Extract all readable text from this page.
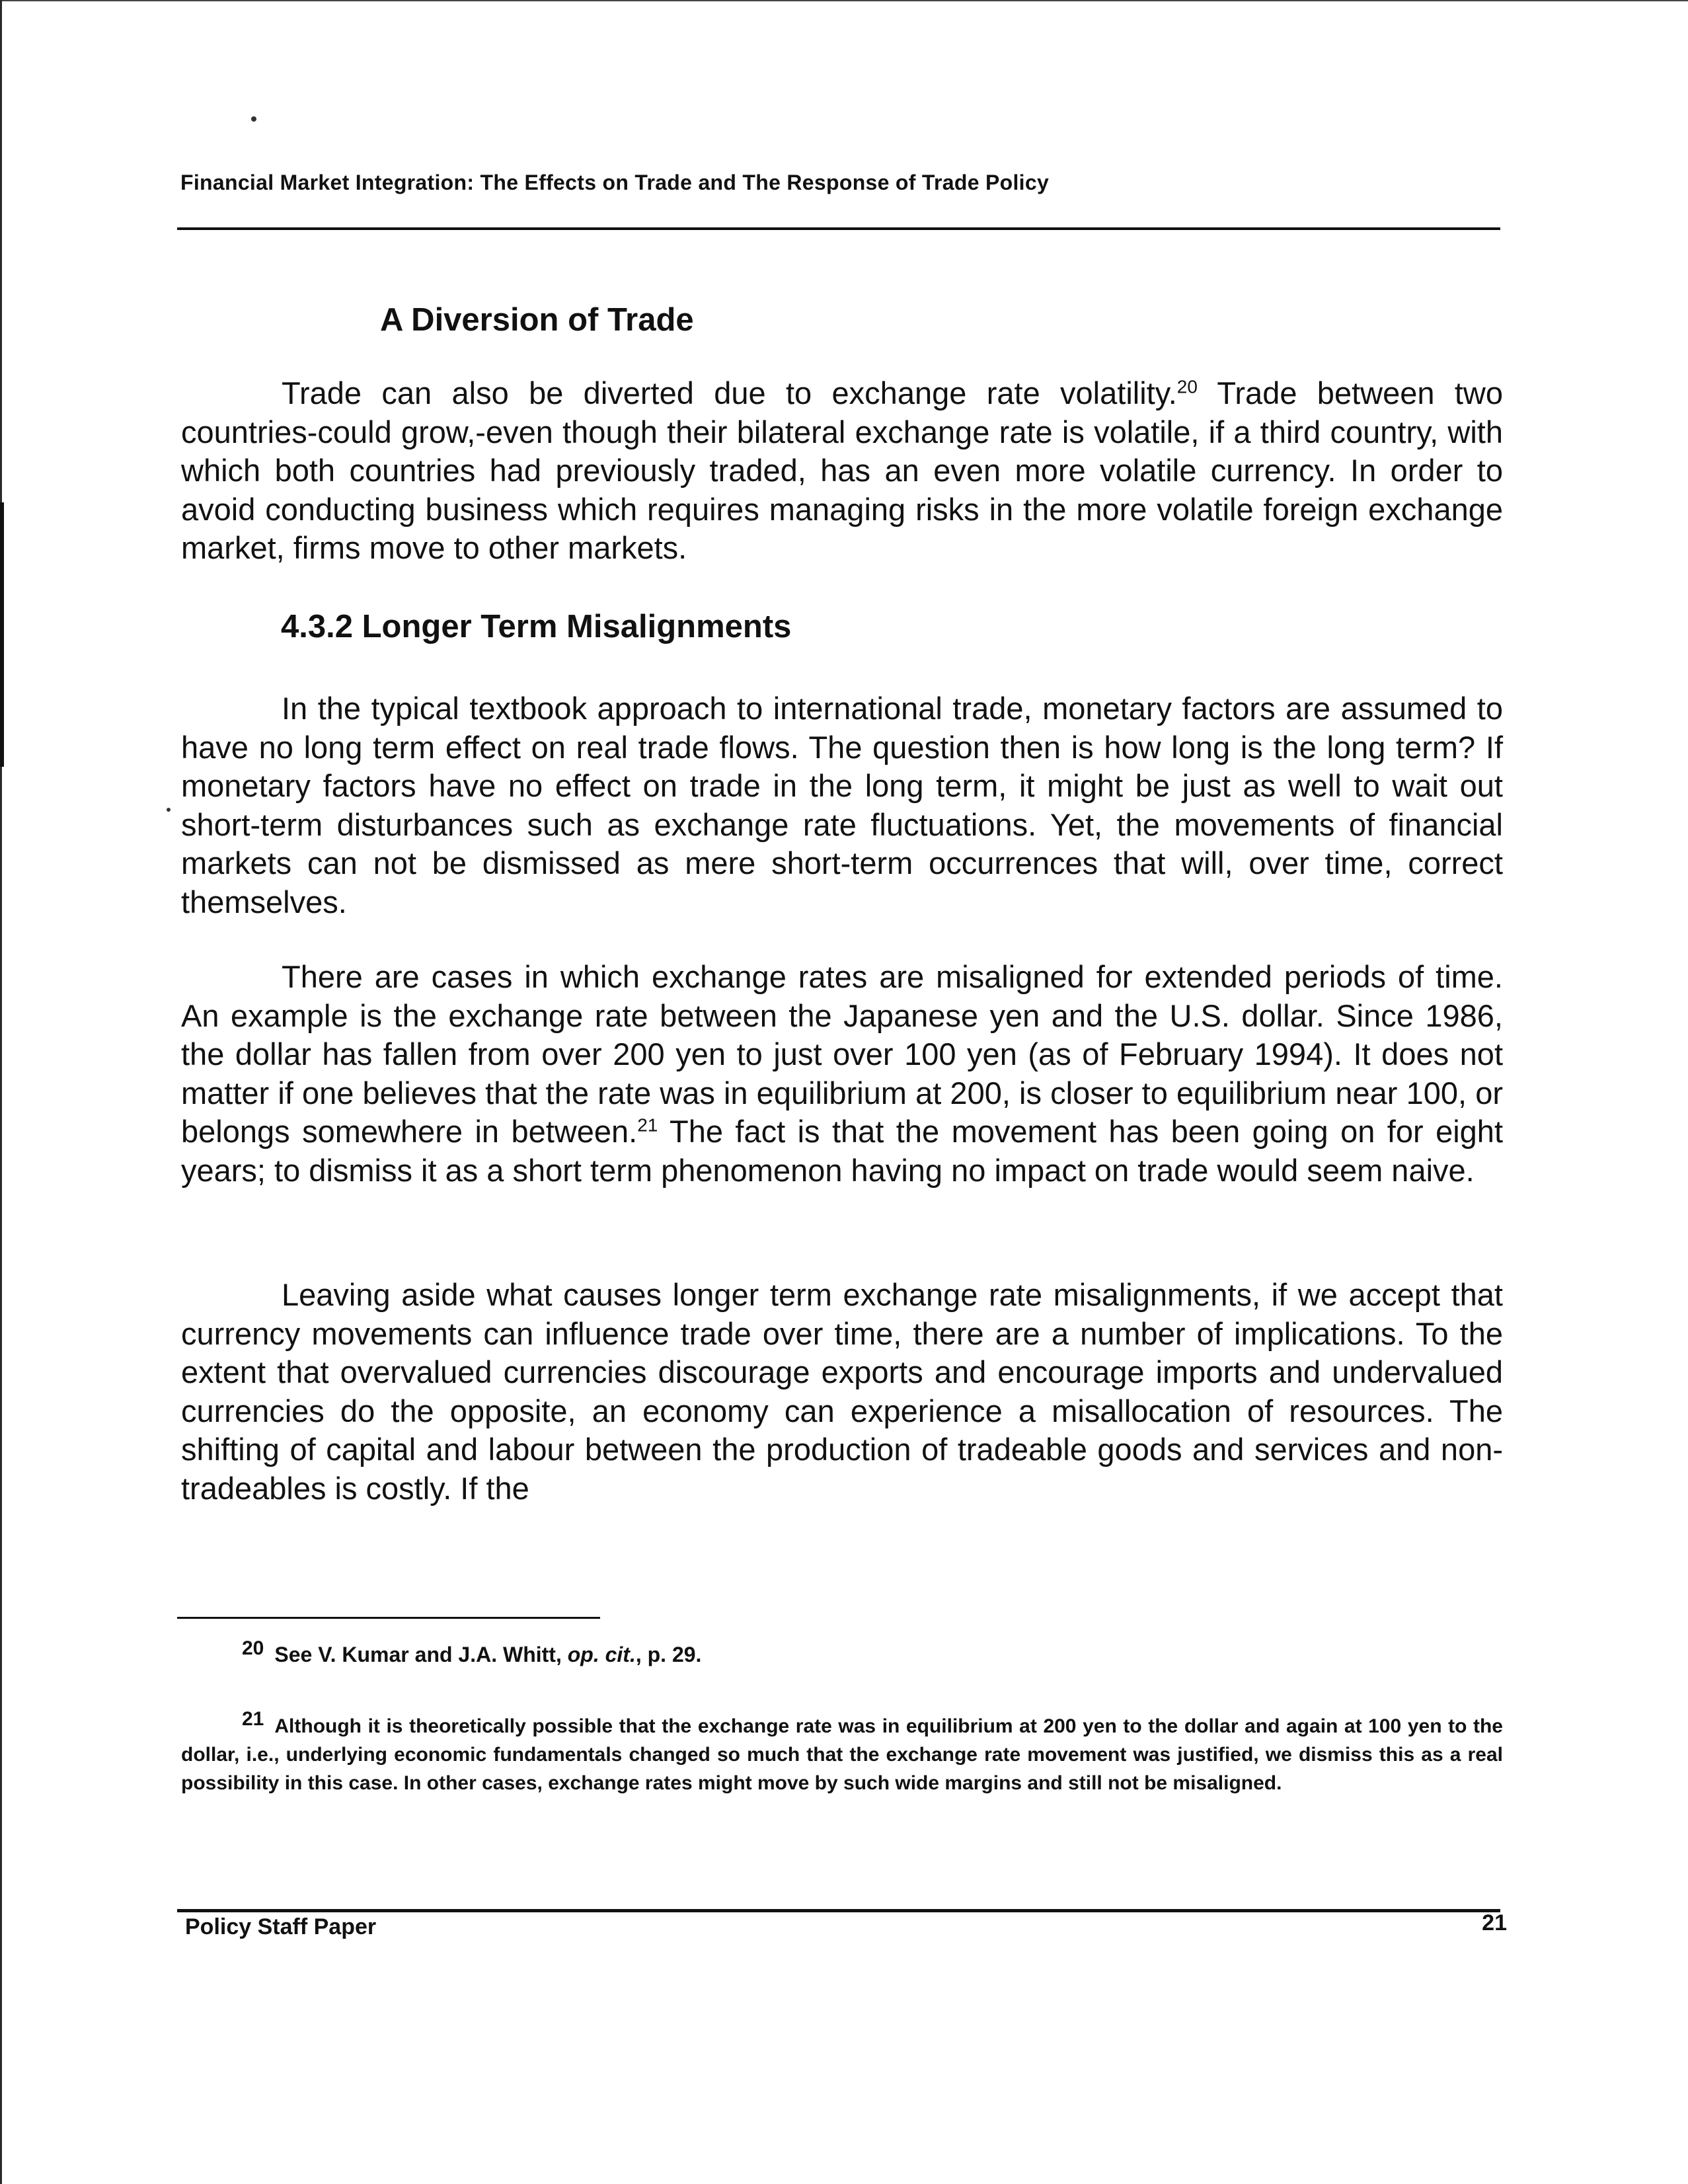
Financial Market Integration: The Effects on Trade and The Response of Trade Policy
A Diversion of Trade

Trade can also be diverted due to exchange rate volatility.$^{20}$ Trade between two countries-could grow,-even though their bilateral exchange rate is volatile, if a third country, with which both countries had previously traded, has an even more volatile currency. In order to avoid conducting business which requires managing risks in the more volatile foreign exchange market, firms move to other markets.

4.3.2 Longer Term Misalignments

In the typical textbook approach to international trade, monetary factors are assumed to have no long term effect on real trade flows. The question then is how long is the long term? If monetary factors have no effect on trade in the long term, it might be just as well to wait out short-term disturbances such as exchange rate fluctuations. Yet, the movements of financial markets can not be dismissed as mere short-term occurrences that will, over time, correct themselves.

There are cases in which exchange rates are misaligned for extended periods of time. An example is the exchange rate between the Japanese yen and the U.S. dollar. Since 1986, the dollar has fallen from over 200 yen to just over 100 yen (as of February 1994). It does not matter if one believes that the rate was in equilibrium at 200, is closer to equilibrium near 100, or belongs somewhere in between.$^{21}$ The fact is that the movement has been going on for eight years; to dismiss it as a short term phenomenon having no impact on trade would seem naive.

Leaving aside what causes longer term exchange rate misalignments, if we accept that currency movements can influence trade over time, there are a number of implications. To the extent that overvalued currencies discourage exports and encourage imports and undervalued currencies do the opposite, an economy can experience a misallocation of resources. The shifting of capital and labour between the production of tradeable goods and services and non-tradeables is costly. If the

20 See V. Kumar and J.A. Whitt, op. cit., p. 29.

21 Although it is theoretically possible that the exchange rate was in equilibrium at 200 yen to the dollar and again at 100 yen to the dollar, i.e., underlying economic fundamentals changed so much that the exchange rate movement was justified, we dismiss this as a real possibility in this case. In other cases, exchange rates might move by such wide margins and still not be misaligned.

Policy Staff Paper	21
